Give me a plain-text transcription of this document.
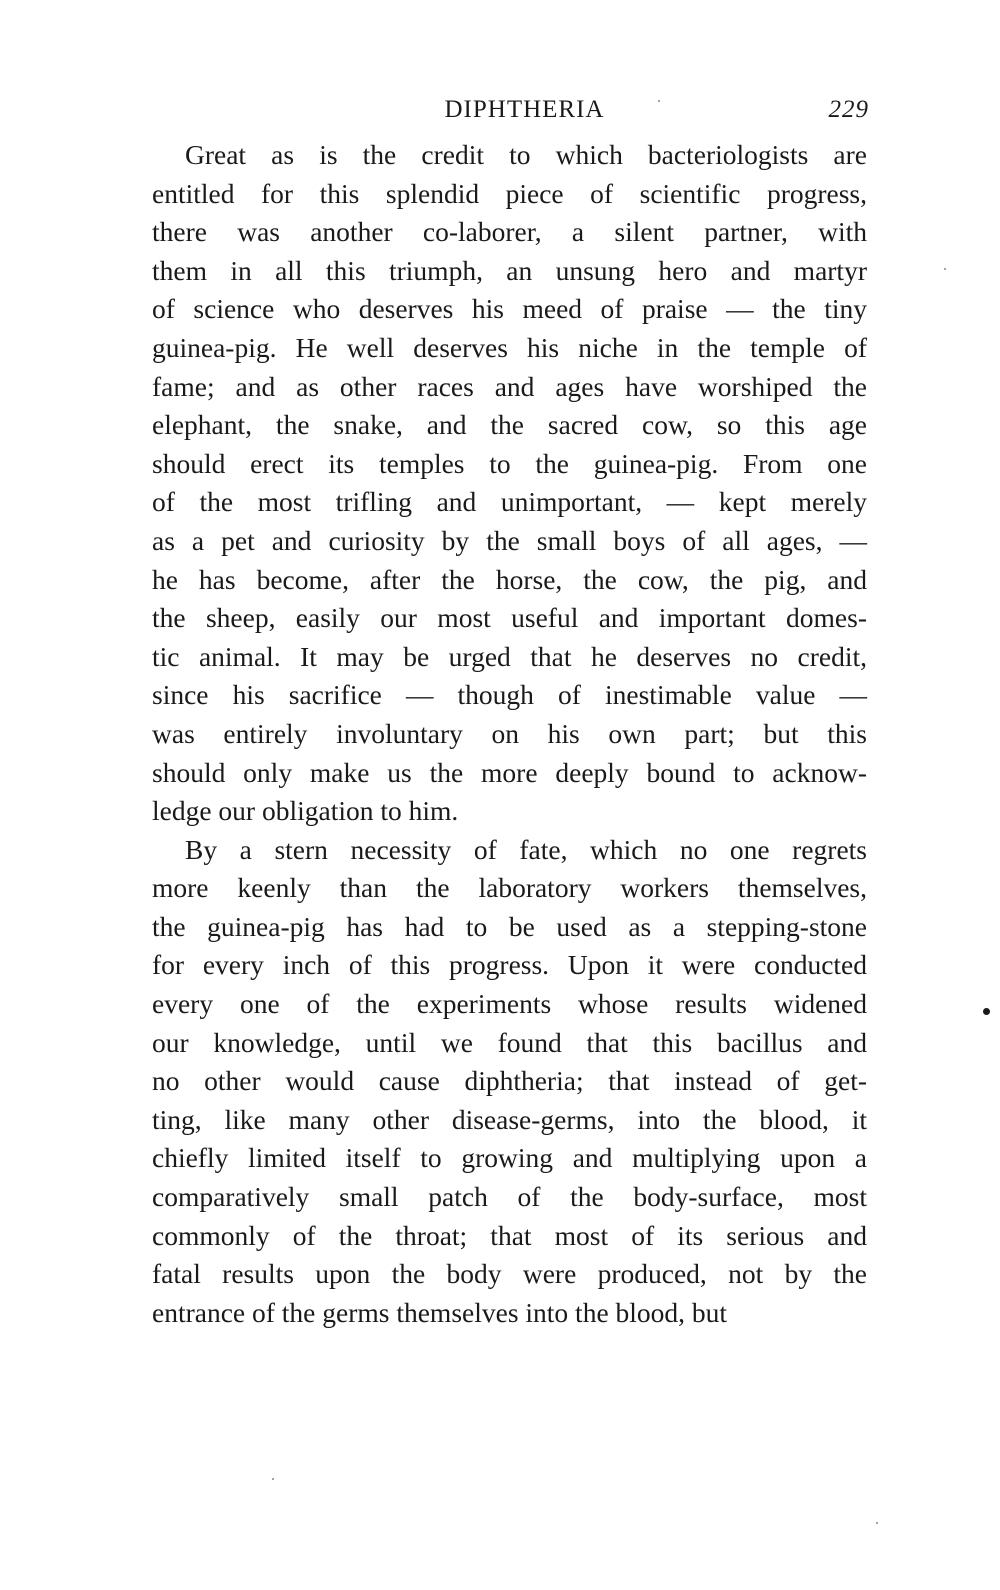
DIPHTHERIA	229

Great as is the credit to which bacteriologists are
entitled for this splendid piece of scientific progress,
there was another co-laborer, a silent partner, with
them in all this triumph, an unsung hero and martyr
of science who deserves his meed of praise — the tiny
guinea-pig. He well deserves his niche in the temple of
fame; and as other races and ages have worshiped the
elephant, the snake, and the sacred cow, so this age
should erect its temples to the guinea-pig. From one
of the most trifling and unimportant, — kept merely
as a pet and curiosity by the small boys of all ages, —
he has become, after the horse, the cow, the pig, and
the sheep, easily our most useful and important domes-
tic animal. It may be urged that he deserves no credit,
since his sacrifice — though of inestimable value —
was entirely involuntary on his own part; but this
should only make us the more deeply bound to acknow-
ledge our obligation to him.

By a stern necessity of fate, which no one regrets
more keenly than the laboratory workers themselves,
the guinea-pig has had to be used as a stepping-stone
for every inch of this progress. Upon it were conducted
every one of the experiments whose results widened
our knowledge, until we found that this bacillus and
no other would cause diphtheria; that instead of get-
ting, like many other disease-germs, into the blood, it
chiefly limited itself to growing and multiplying upon a
comparatively small patch of the body-surface, most
commonly of the throat; that most of its serious and
fatal results upon the body were produced, not by the
entrance of the germs themselves into the blood, but
